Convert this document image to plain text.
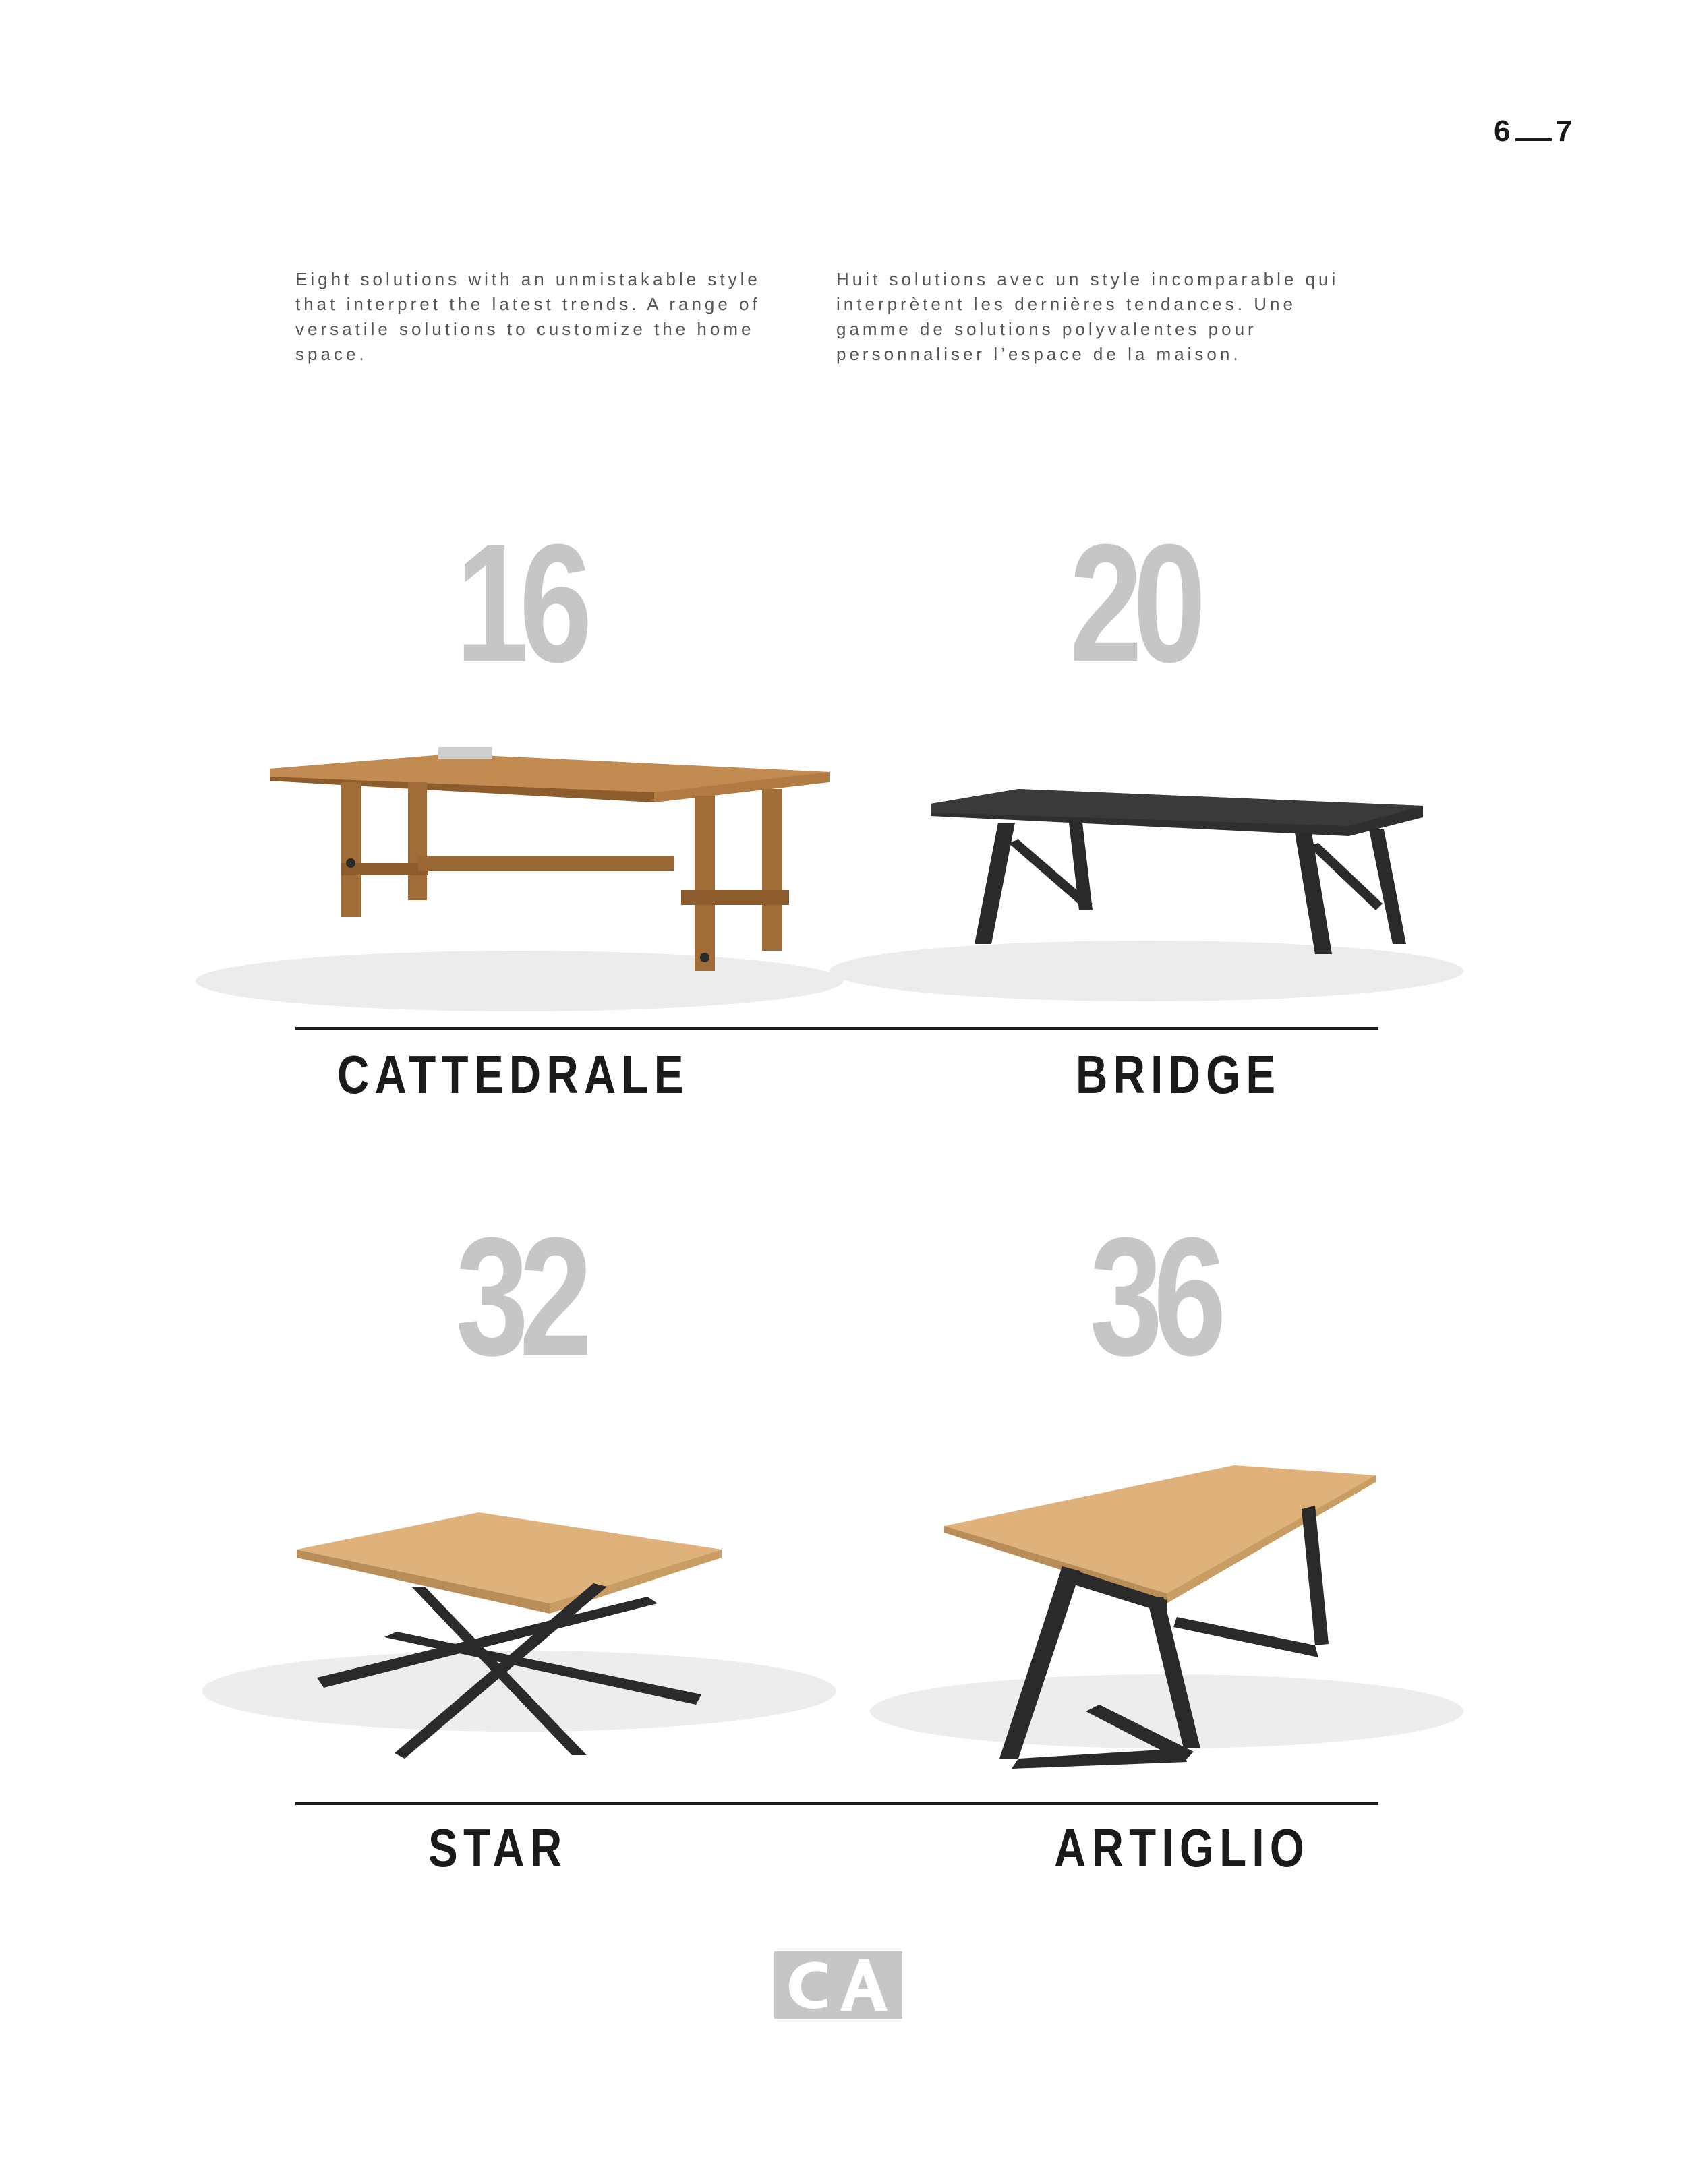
6 7

Eight solutions with an unmistakable style that interpret the latest trends. A range of versatile solutions to customize the home space.

Huit solutions avec un style incomparable qui interprètent les dernières tendances. Une gamme de solutions polyvalentes pour personnaliser l’espace de la maison.

16	20
CATTEDRALE	BRIDGE
32	36
STAR	ARTIGLIO
